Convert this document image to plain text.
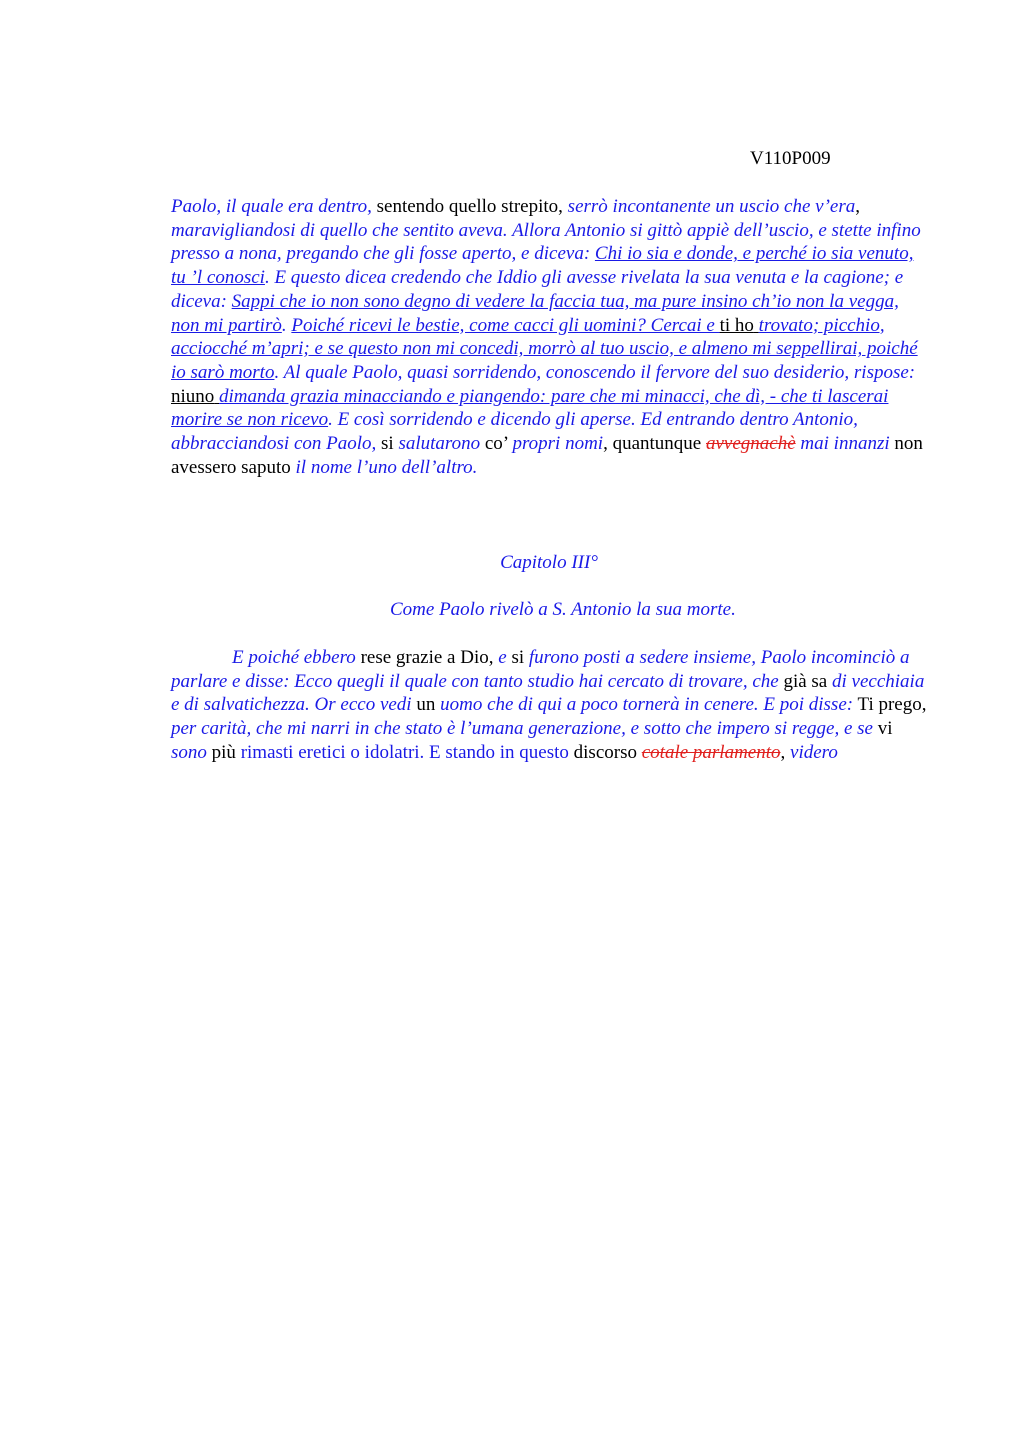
V110P009
Paolo, il quale era dentro, sentendo quello strepito, serrò incontanente un uscio che v’era, maravigliandosi di quello che sentito aveva. Allora Antonio si gittò appiè dell’uscio, e stette infino presso a nona, pregando che gli fosse aperto, e diceva: Chi io sia e donde, e perché io sia venuto, tu ’l conosci. E questo dicea credendo che Iddio gli avesse rivelata la sua venuta e la cagione; e diceva: Sappi che io non sono degno di vedere la faccia tua, ma pure insino ch’io non la vegga, non mi partirò. Poiché ricevi le bestie, come cacci gli uomini? Cercai e ti ho trovato; picchio, acciocché m’apri; e se questo non mi concedi, morrò al tuo uscio, e almeno mi seppellirai, poiché io sarò morto. Al quale Paolo, quasi sorridendo, conoscendo il fervore del suo desiderio, rispose: niuno dimanda grazia minacciando e piangendo: pare che mi minacci, che dì, - che ti lascerai morire se non ricevo. E così sorridendo e dicendo gli aperse. Ed entrando dentro Antonio, abbracciandosi con Paolo, si salutarono co’ propri nomi, quantunque avvegnachè mai innanzi non avessero saputo il nome l’uno dell’altro.
Capitolo III°
Come Paolo rivelò a S. Antonio la sua morte.
E poiché ebbero rese grazie a Dio, e si furono posti a sedere insieme, Paolo incominciò a parlare e disse: Ecco quegli il quale con tanto studio hai cercato di trovare, che già sa di vecchiaia e di salvatichezza. Or ecco vedi un uomo che di qui a poco tornerà in cenere. E poi disse: Ti prego, per carità, che mi narri in che stato è l’umana generazione, e sotto che impero si regge, e se vi sono più rimasti eretici o idolatri. E stando in questo discorso cotale parlamento, videro
